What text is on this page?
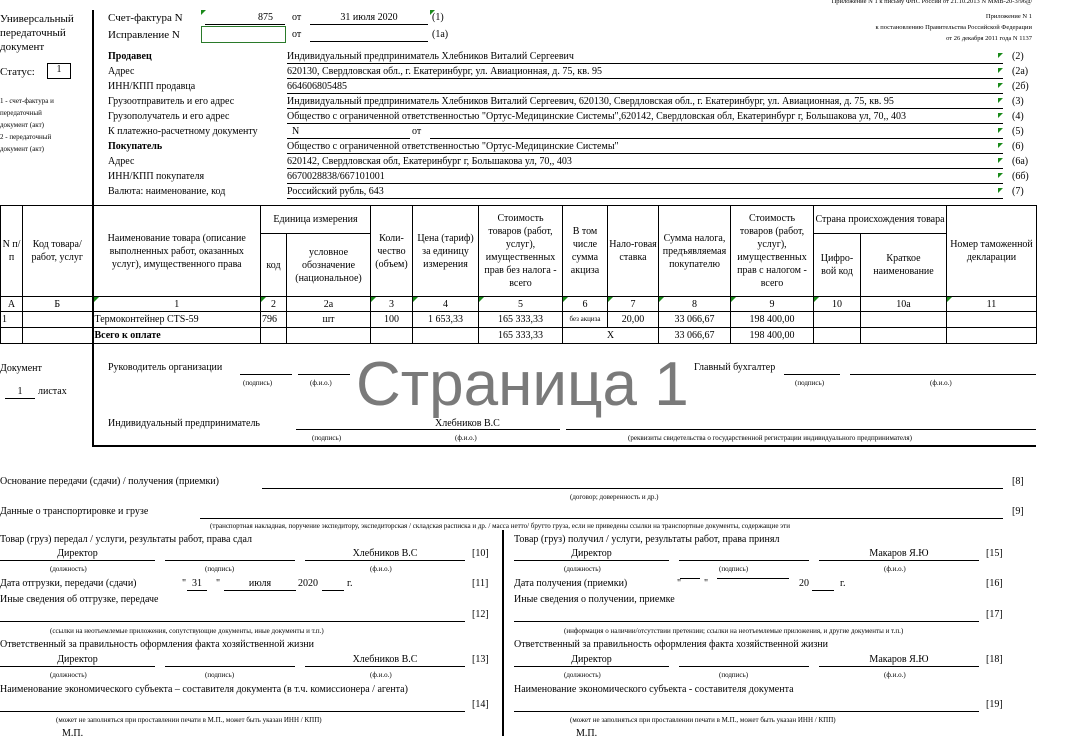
Универсальный
передаточный
документ
Статус:	1
1 - счет-фактура и
передаточный
документ (акт)
2 - передаточный
документ (акт)
Приложение N 1 к письму ФНС России от 21.10.2013 N ММВ-20-3/96@
Приложение N 1
к постановлению Правительства Российской Федерации
от 26 декабря 2011 года N 1137
Счет-фактура N	875	от	31 июля 2020	(1)
Исправление N	от	(1а)
N п/п	Код товара/ работ, услуг	Наименование товара (описание выполненных работ, оказанных услуг), имущественного права	Единица измерения		Коли-чество (объем)	Цена (тариф) за единицу измерения	Стоимость товаров (работ, услуг), имущественных прав без налога - всего	В том числе сумма акциза	Нало-говая ставка	Сумма налога, предъявляемая покупателю	Стоимость товаров (работ, услуг), имущественных прав с налогом - всего	Страна происхождения товара		Номер таможенной декларации
			код	условное обозначение (национальное)								Цифро-вой код	Краткое наименование	
А	Б	1	2	2а	3	4	5	6	7	8	9	10	10а	11
1		Термоконтейнер CTS-59	796	шт	100	1 653,33	165 333,33	без акциза	20,00	33 066,67	198 400,00			
		Всего к оплате					165 333,33	X		33 066,67	198 400,00			
Документ
1	листах
Руководитель организации
(подпись)	(ф.и.о.)
Главный бухгалтер
(подпись)	(ф.и.о.)
Индивидуальный предприниматель	Хлебников В.С
(подпись)	(ф.и.о.)	(реквизиты свидетельства о государственной регистрации индивидуального предпринимателя)
Страница 1
Основание передачи (сдачи) / получения (приемки)	[8]
(договор; доверенность и др.)
Данные о транспортировке и грузе	[9]
(транспортная накладная, поручение экспедитору, экспедиторская / складская расписка и др. / масса нетто/ брутто груза, если не приведены ссылки на транспортные документы, содержащие эти
Продавец	Индивидуальный предприниматель Хлебников Виталий Сергеевич	(2)
Адрес	620130, Свердловская обл., г. Екатеринбург, ул. Авиационная, д. 75, кв. 95	(2а)
ИНН/КПП продавца	664606805485	(2б)
Грузоотправитель и его адрес	Индивидуальный предприниматель Хлебников Виталий Сергеевич, 620130, Свердловская обл., г. Екатеринбург, ул. Авиационная, д. 75, кв. 95	(3)
Грузополучатель и его адрес	Общество с ограниченной ответственностью "Ортус-Медицинские Системы",620142, Свердловская обл, Екатеринбург г, Большакова ул, 70,, 403	(4)
К платежно-расчетному документу	N	от	(5)
Покупатель	Общество с ограниченной ответственностью "Ортус-Медицинские Системы"	(6)
Адрес	620142, Свердловская обл, Екатеринбург г, Большакова ул, 70,, 403	(6а)
ИНН/КПП покупателя	6670028838/667101001	(6б)
Валюта: наименование, код	Российский рубль, 643	(7)
Товар (груз) передал / услуги, результаты работ, права сдал
Директор	Хлебников В.С	[10]
(должность)	(подпись)	(ф.и.о.)
Дата отгрузки, передачи (сдачи)	" 31	"	июля	2020	г.	[11]
Иные сведения об отгрузке, передаче
[12]
(ссылки на неотъемлемые приложения, сопутствующие документы, иные документы и т.п.)
Ответственный за правильность оформления факта хозяйственной жизни
Директор	Хлебников В.С	[13]
(должность)	(подпись)	(ф.и.о.)
Наименование экономического субъекта – составителя документа (в т.ч. комиссионера / агента)
[14]
(может не заполняться при проставлении печати в М.П., может быть указан ИНН / КПП)
М.П.
Товар (груз) получил / услуги, результаты работ, права принял
Директор	Макаров Я.Ю	[15]
(должность)	(подпись)	(ф.и.о.)
Дата получения (приемки)	" "	20	г.	[16]
Иные сведения о получении, приемке
[17]
(информация о наличии/отсутствии претензии; ссылки на неотъемлемые приложения, и другие документы и т.п.)
Ответственный за правильность оформления факта хозяйственной жизни
Директор	Макаров Я.Ю	[18]
(должность)	(подпись)	(ф.и.о.)
Наименование экономического субъекта - составителя документа
[19]
(может не заполняться при проставлении печати в М.П., может быть указан ИНН / КПП)
М.П.
